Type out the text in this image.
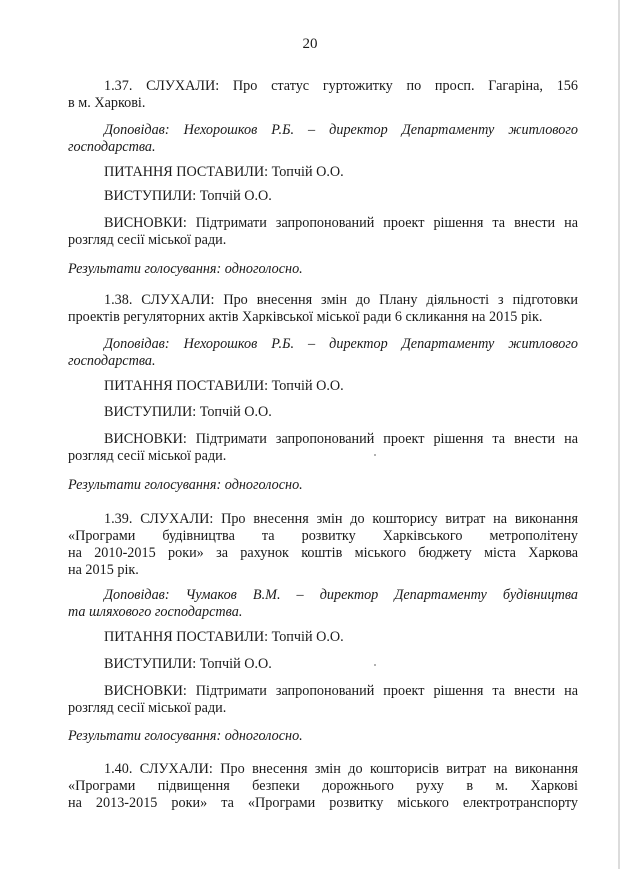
20
1.37. СЛУХАЛИ: Про статус гуртожитку по просп. Гагаріна, 156
в м. Харкові.
Доповідав: Нехорошков Р.Б. – директор Департаменту житлового
господарства.
ПИТАННЯ ПОСТАВИЛИ: Топчій О.О.
ВИСТУПИЛИ: Топчій О.О.
ВИСНОВКИ: Підтримати запропонований проект рішення та внести на
розгляд сесії міської ради.
Результати голосування: одноголосно.
1.38. СЛУХАЛИ: Про внесення змін до Плану діяльності з підготовки
проектів регуляторних актів Харківської міської ради 6 скликання на 2015 рік.
Доповідав: Нехорошков Р.Б. – директор Департаменту житлового
господарства.
ПИТАННЯ ПОСТАВИЛИ: Топчій О.О.
ВИСТУПИЛИ: Топчій О.О.
ВИСНОВКИ: Підтримати запропонований проект рішення та внести на
розгляд сесії міської ради.
Результати голосування: одноголосно.
1.39. СЛУХАЛИ: Про внесення змін до кошторису витрат на виконання
«Програми будівництва та розвитку Харківського метрополітену
на 2010-2015 роки» за рахунок коштів міського бюджету міста Харкова
на 2015 рік.
Доповідав: Чумаков В.М. – директор Департаменту будівництва
та шляхового господарства.
ПИТАННЯ ПОСТАВИЛИ: Топчій О.О.
ВИСТУПИЛИ: Топчій О.О.
ВИСНОВКИ: Підтримати запропонований проект рішення та внести на
розгляд сесії міської ради.
Результати голосування: одноголосно.
1.40. СЛУХАЛИ: Про внесення змін до кошторисів витрат на виконання
«Програми підвищення безпеки дорожнього руху в м. Харкові
на 2013-2015 роки» та «Програми розвитку міського електротранспорту
